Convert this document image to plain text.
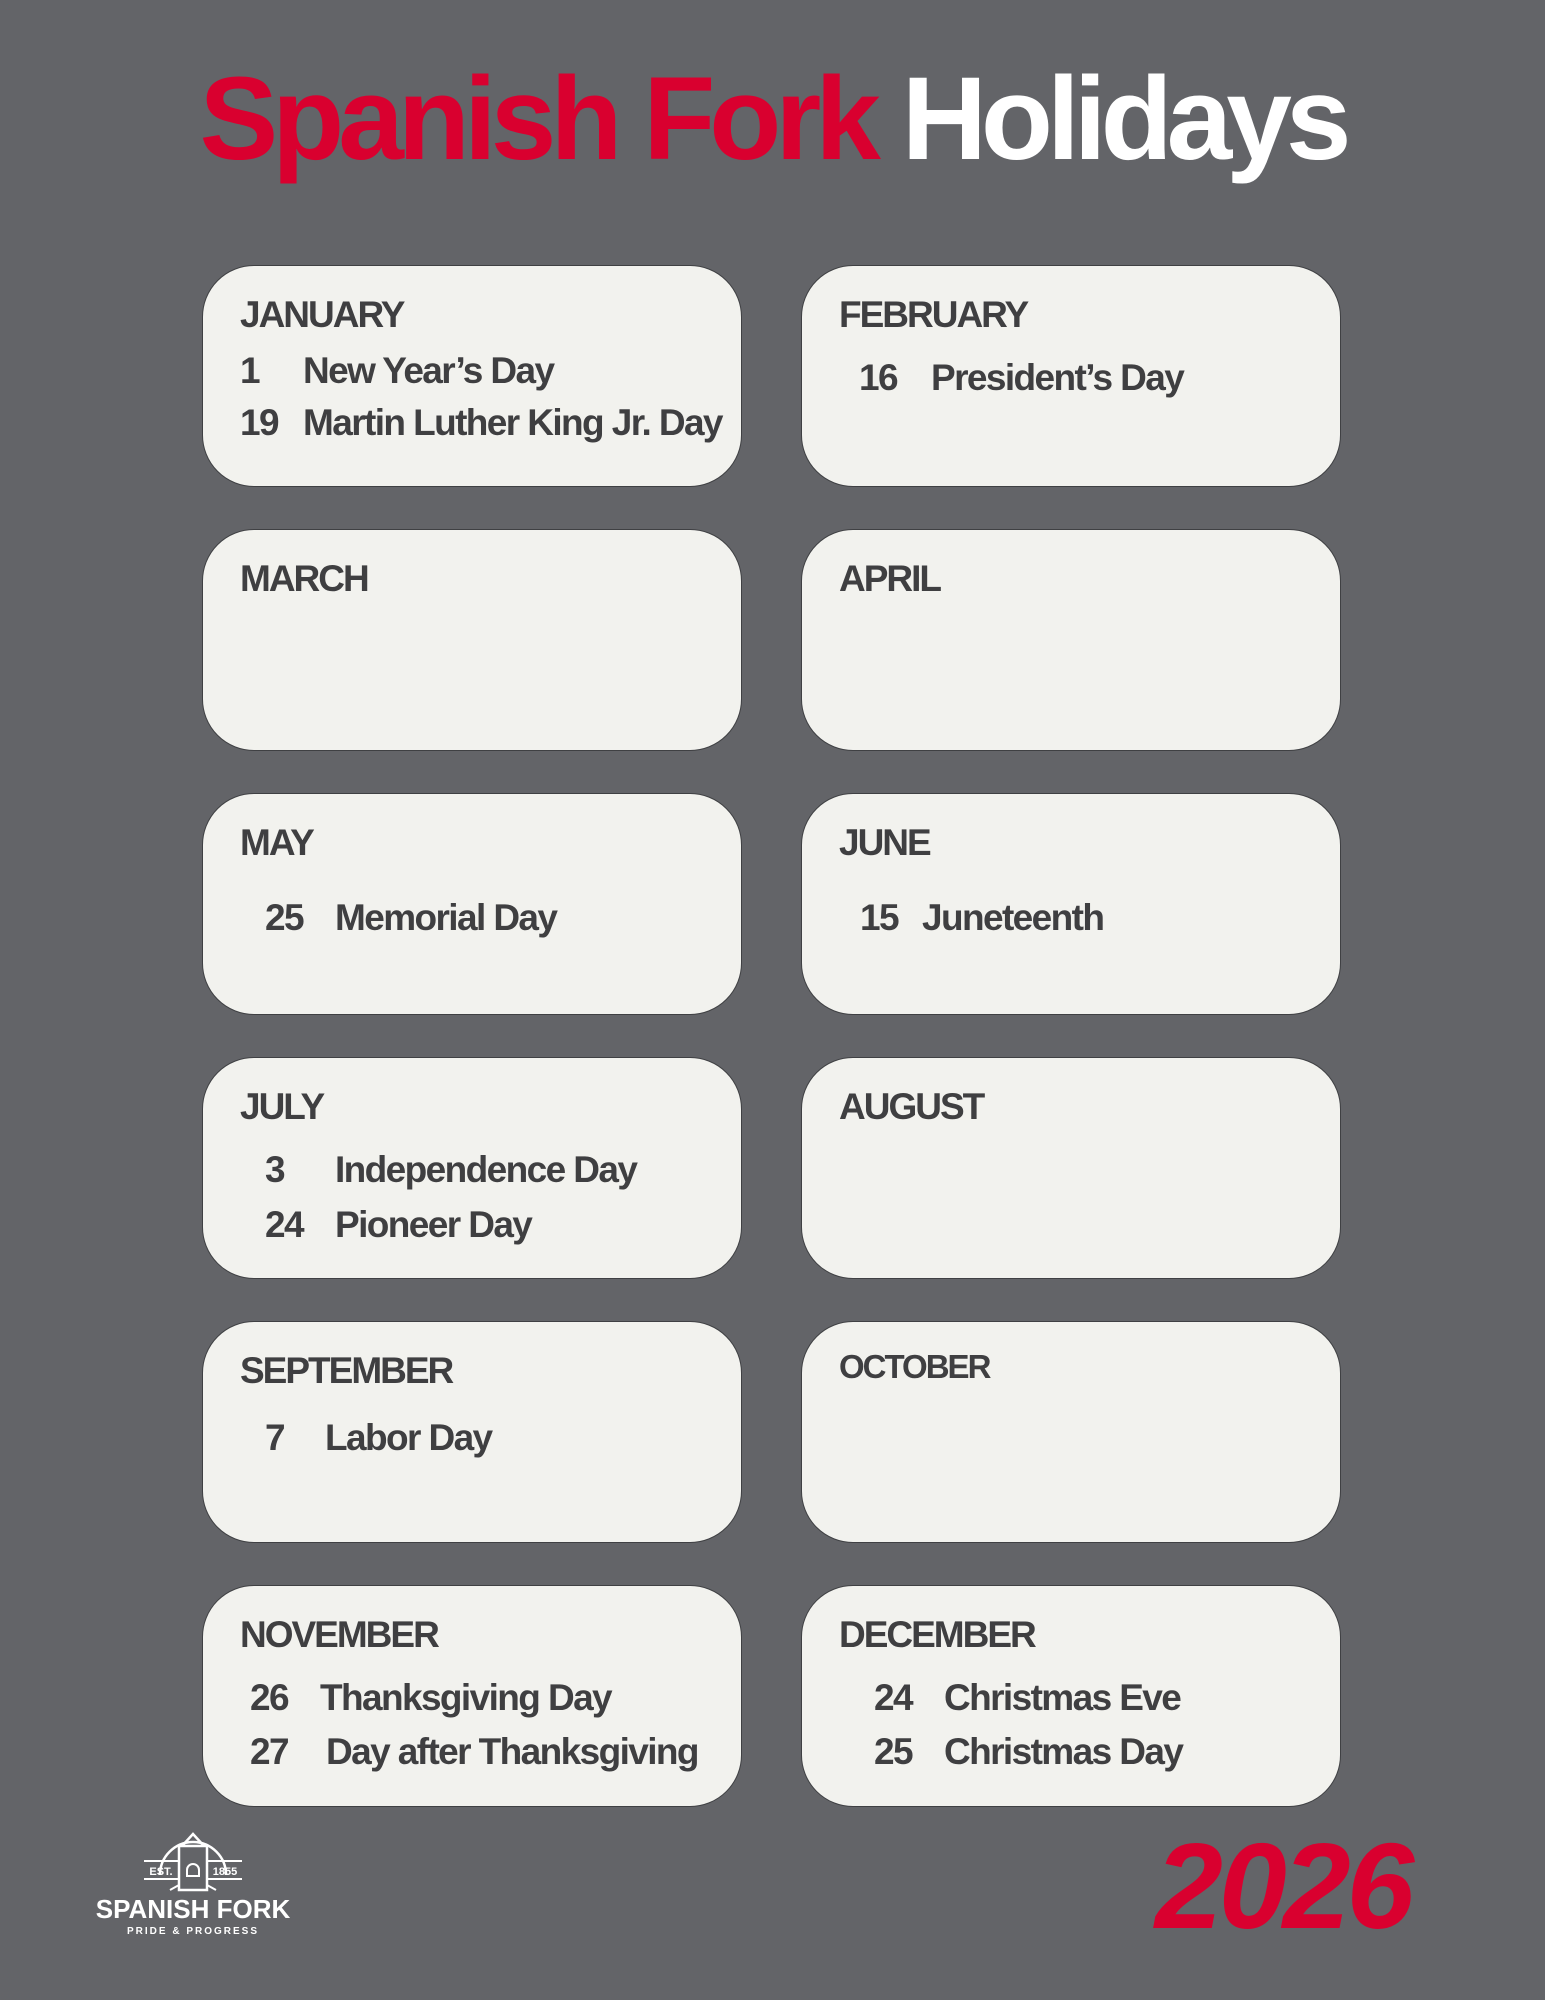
Spanish Fork Holidays
JANUARY
1 New Year’s Day
19 Martin Luther King Jr. Day
FEBRUARY
16 President’s Day
MARCH	APRIL
MAY
25 Memorial Day
JUNE
15 Juneteenth
JULY
3 Independence Day
24 Pioneer Day
AUGUST
SEPTEMBER
7 Labor Day
OCTOBER
NOVEMBER
26 Thanksgiving Day
27 Day after Thanksgiving
DECEMBER
24 Christmas Eve
25 Christmas Day
EST.	1855
SPANISH FORK
PRIDE & PROGRESS	2026
